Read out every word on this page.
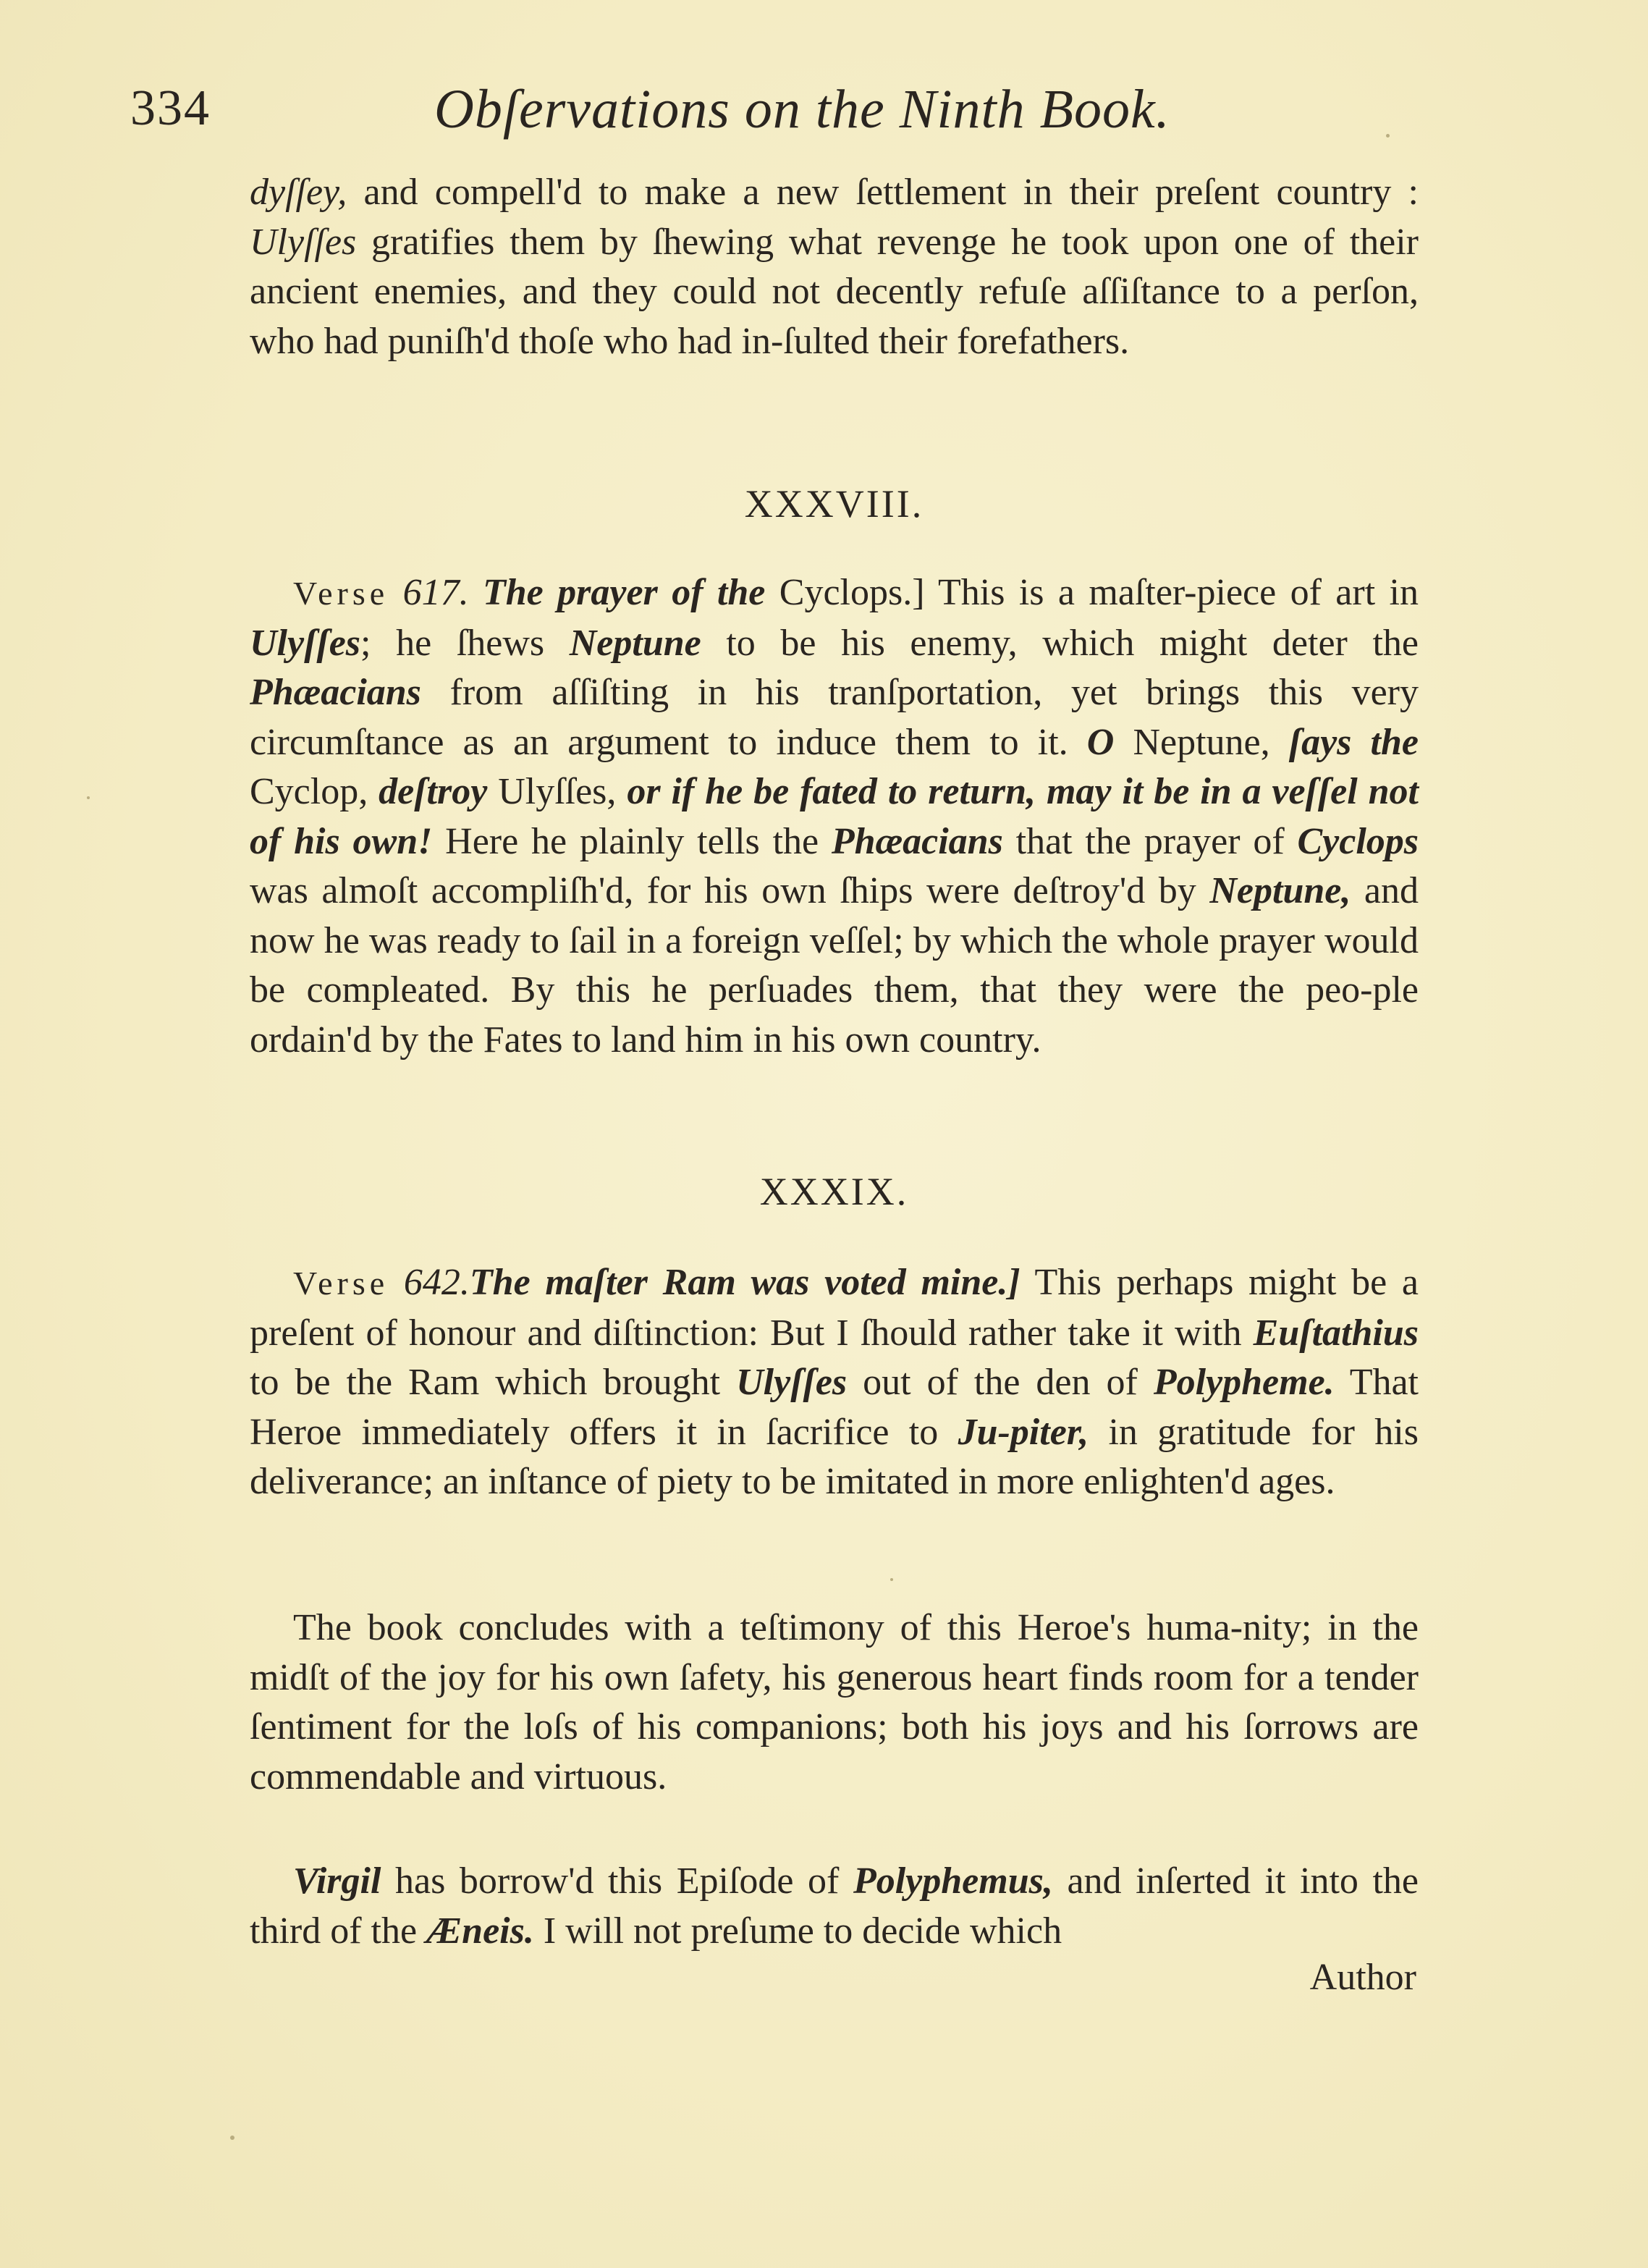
334	Obſervations on the Ninth Book.

dyſſey, and compell'd to make a new ſettlement in their preſent country : Ulyſſes gratifies them by ſhewing what revenge he took upon one of their ancient enemies, and they could not decently refuſe aſſiſtance to a perſon, who had puniſh'd thoſe who had in-ſulted their forefathers.

XXXVIII.

Verse 617. The prayer of the Cyclops.] This is a maſter-piece of art in Ulyſſes; he ſhews Neptune to be his enemy, which might deter the Phæacians from aſſiſting in his tranſportation, yet brings this very circumſtance as an argument to induce them to it. O Neptune, ſays the Cyclop, deſtroy Ulyſſes, or if he be fated to return, may it be in a veſſel not of his own! Here he plainly tells the Phæacians that the prayer of Cyclops was almoſt accompliſh'd, for his own ſhips were deſtroy'd by Neptune, and now he was ready to ſail in a foreign veſſel; by which the whole prayer would be compleated. By this he perſuades them, that they were the peo-ple ordain'd by the Fates to land him in his own country.

XXXIX.

Verse 642.The maſter Ram was voted mine.] This perhaps might be a preſent of honour and diſtinction: But I ſhould rather take it with Euſtathius to be the Ram which brought Ulyſſes out of the den of Polypheme. That Heroe immediately offers it in ſacrifice to Ju-piter, in gratitude for his deliverance; an inſtance of piety to be imitated in more enlighten'd ages.

The book concludes with a teſtimony of this Heroe's huma-nity; in the midſt of the joy for his own ſafety, his generous heart finds room for a tender ſentiment for the loſs of his companions; both his joys and his ſorrows are commendable and virtuous.

Virgil has borrow'd this Epiſode of Polyphemus, and inſerted it into the third of the Æneis. I will not preſume to decide which

Author
